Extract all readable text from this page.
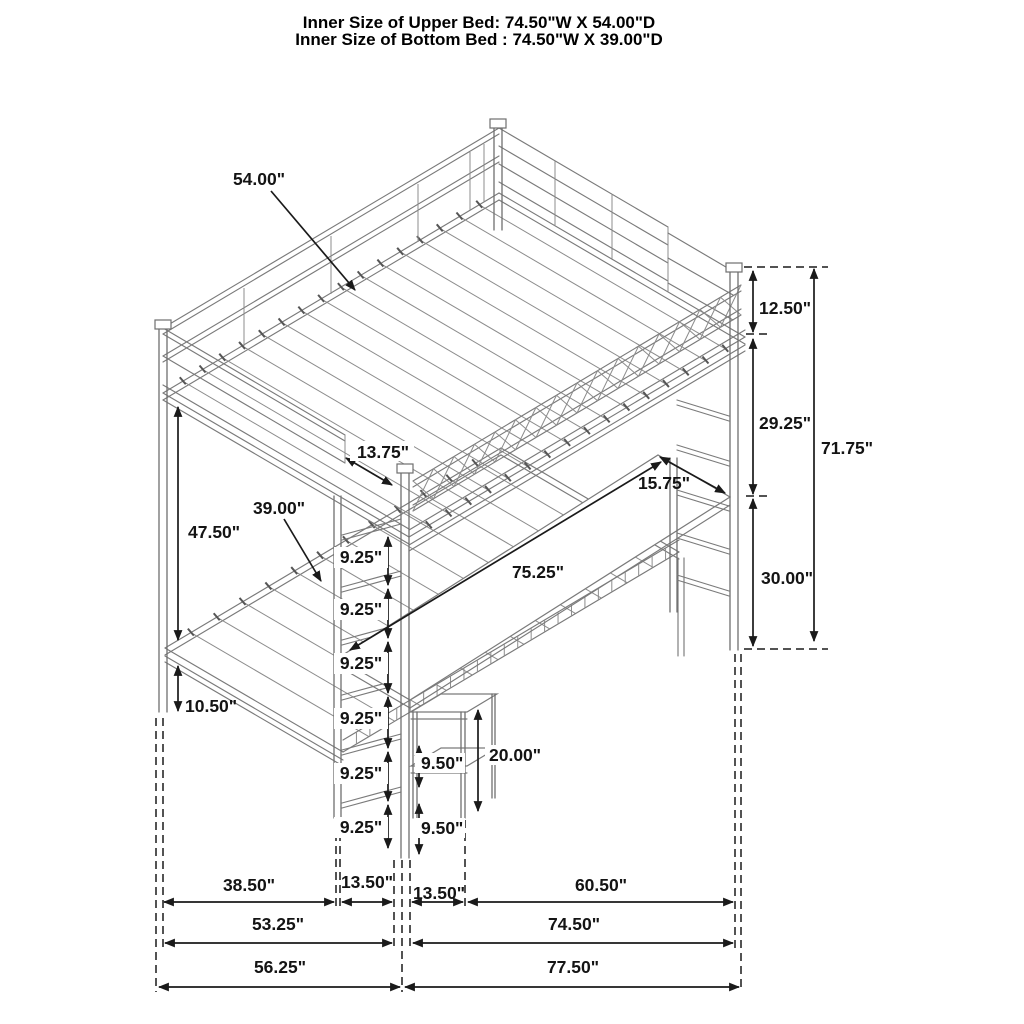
Inner Size of Upper Bed: 74.50"W X 54.00"D
Inner Size of Bottom Bed : 74.50"W X 39.00"D
54.00"
13.75"
47.50"
39.00"
10.50"
9.25"
9.25"
9.25"
9.25"
9.25"
9.25"
9.50"
9.50"
20.00"
15.75"
75.25"
12.50"
29.25"
30.00"
71.75"
38.50"	13.50"
13.50"	60.50"
53.25"	74.50"
56.25"	77.50"
